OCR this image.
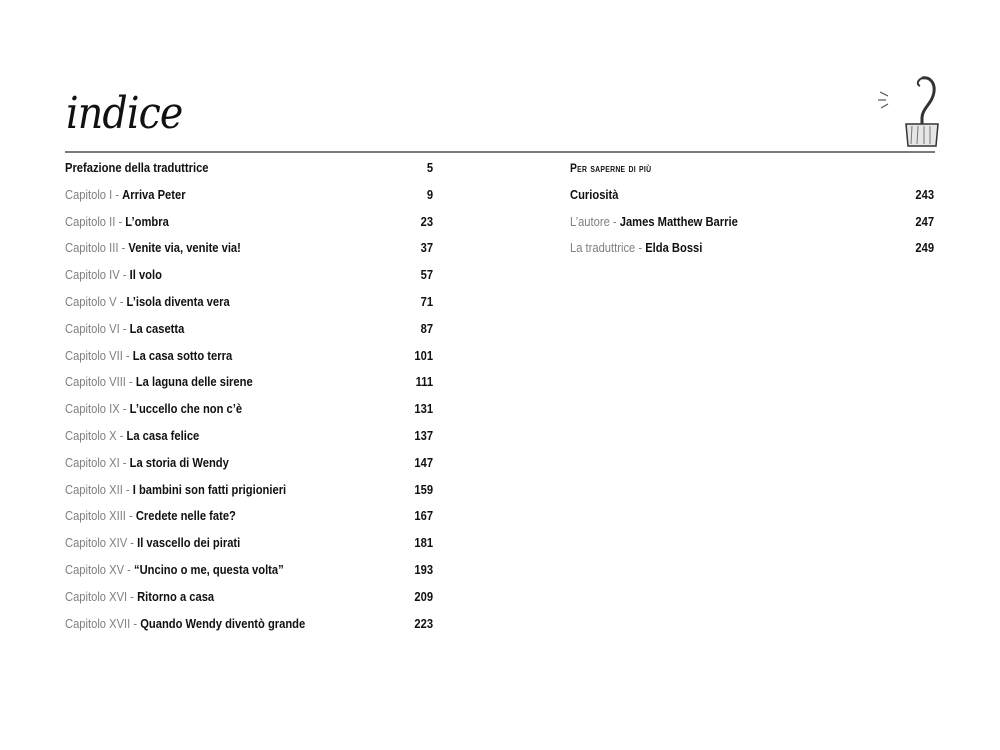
indice
Prefazione della traduttrice	5
Capitolo I - Arriva Peter	9
Capitolo II - L’ombra	23
Capitolo III - Venite via, venite via!	37
Capitolo IV - Il volo	57
Capitolo V - L’isola diventa vera	71
Capitolo VI - La casetta	87
Capitolo VII - La casa sotto terra	101
Capitolo VIII - La laguna delle sirene	111
Capitolo IX - L’uccello che non c’è	131
Capitolo X - La casa felice	137
Capitolo XI - La storia di Wendy	147
Capitolo XII - I bambini son fatti prigionieri	159
Capitolo XIII - Credete nelle fate?	167
Capitolo XIV - Il vascello dei pirati	181
Capitolo XV - “Uncino o me, questa volta”	193
Capitolo XVI - Ritorno a casa	209
Capitolo XVII - Quando Wendy diventò grande	223
Per saperne di più
Curiosità	243
L’autore - James Matthew Barrie	247
La traduttrice - Elda Bossi	249
